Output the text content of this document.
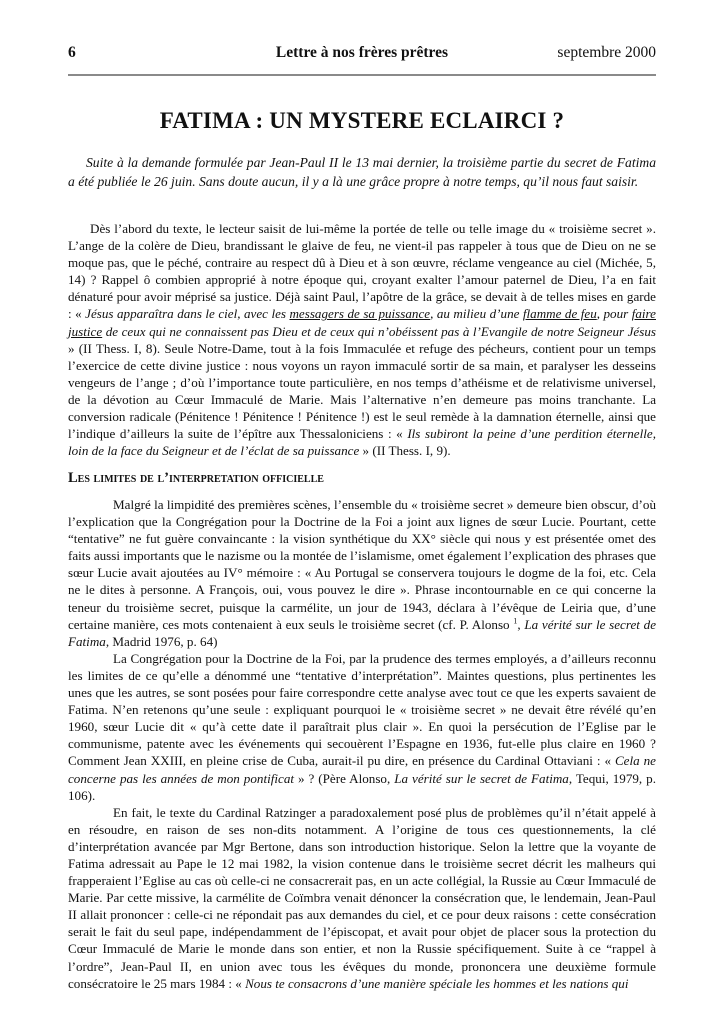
6	Lettre à nos frères prêtres	septembre 2000
FATIMA : UN MYSTERE ECLAIRCI ?
Suite à la demande formulée par Jean-Paul II le 13 mai dernier, la troisième partie du secret de Fatima a été publiée le 26 juin. Sans doute aucun, il y a là une grâce propre à notre temps, qu’il nous faut saisir.
Dès l’abord du texte, le lecteur saisit de lui-même la portée de telle ou telle image du « troisième secret ». L’ange de la colère de Dieu, brandissant le glaive de feu, ne vient-il pas rappeler à tous que de Dieu on ne se moque pas, que le péché, contraire au respect dû à Dieu et à son œuvre, réclame vengeance au ciel (Michée, 5, 14) ? Rappel ô combien approprié à notre époque qui, croyant exalter l’amour paternel de Dieu, l’a en fait dénaturé pour avoir méprisé sa justice. Déjà saint Paul, l’apôtre de la grâce, se devait à de telles mises en garde : « Jésus apparaîtra dans le ciel, avec les messagers de sa puissance, au milieu d’une flamme de feu, pour faire justice de ceux qui ne connaissent pas Dieu et de ceux qui n’obéissent pas à l’Evangile de notre Seigneur Jésus » (II Thess. I, 8). Seule Notre-Dame, tout à la fois Immaculée et refuge des pécheurs, contient pour un temps l’exercice de cette divine justice : nous voyons un rayon immaculé sortir de sa main, et paralyser les desseins vengeurs de l’ange ; d’où l’importance toute particulière, en nos temps d’athéisme et de relativisme universel, de la dévotion au Cœur Immaculé de Marie. Mais l’alternative n’en demeure pas moins tranchante. La conversion radicale (Pénitence ! Pénitence ! Pénitence !) est le seul remède à la damnation éternelle, ainsi que l’indique d’ailleurs la suite de l’épître aux Thessaloniciens : « Ils subiront la peine d’une perdition éternelle, loin de la face du Seigneur et de l’éclat de sa puissance » (II Thess. I, 9).
Les limites de l’interpretation officielle

Malgré la limpidité des premières scènes, l’ensemble du « troisième secret » demeure bien obscur, d’où l’explication que la Congrégation pour la Doctrine de la Foi a joint aux lignes de sœur Lucie. Pourtant, cette “tentative” ne fut guère convaincante : la vision synthétique du XX° siècle qui nous y est présentée omet des faits aussi importants que le nazisme ou la montée de l’islamisme, omet également l’explication des phrases que sœur Lucie avait ajoutées au IV° mémoire : « Au Portugal se conservera toujours le dogme de la foi, etc. Cela ne le dites à personne. A François, oui, vous pouvez le dire ». Phrase incontournable en ce qui concerne la teneur du troisième secret, puisque la carmélite, un jour de 1943, déclara à l’évêque de Leiria que, d’une certaine manière, ces mots contenaient à eux seuls le troisième secret (cf. P. Alonso $^1$, La vérité sur le secret de Fatima, Madrid 1976, p. 64)

La Congrégation pour la Doctrine de la Foi, par la prudence des termes employés, a d’ailleurs reconnu les limites de ce qu’elle a dénommé une “tentative d’interprétation”. Maintes questions, plus pertinentes les unes que les autres, se sont posées pour faire correspondre cette analyse avec tout ce que les experts savaient de Fatima. N’en retenons qu’une seule : expliquant pourquoi le « troisième secret » ne devait être révélé qu’en 1960, sœur Lucie dit « qu’à cette date il paraîtrait plus clair ». En quoi la persécution de l’Eglise par le communisme, patente avec les événements qui secouèrent l’Espagne en 1936, fut-elle plus claire en 1960 ? Comment Jean XXIII, en pleine crise de Cuba, aurait-il pu dire, en présence du Cardinal Ottaviani : « Cela ne concerne pas les années de mon pontificat » ? (Père Alonso, La vérité sur le secret de Fatima, Tequi, 1979, p. 106).

En fait, le texte du Cardinal Ratzinger a paradoxalement posé plus de problèmes qu’il n’était appelé à en résoudre, en raison de ses non-dits notamment. A l’origine de tous ces questionnements, la clé d’interprétation avancée par Mgr Bertone, dans son introduction historique. Selon la lettre que la voyante de Fatima adressait au Pape le 12 mai 1982, la vision contenue dans le troisième secret décrit les malheurs qui frapperaient l’Eglise au cas où celle-ci ne consacrerait pas, en un acte collégial, la Russie au Cœur Immaculé de Marie. Par cette missive, la carmélite de Coïmbra venait dénoncer la consécration que, le lendemain, Jean-Paul II allait prononcer : celle-ci ne répondait pas aux demandes du ciel, et ce pour deux raisons : cette consécration serait le fait du seul pape, indépendamment de l’épiscopat, et avait pour objet de placer sous la protection du Cœur Immaculé de Marie le monde dans son entier, et non la Russie spécifiquement. Suite à ce “rappel à l’ordre”, Jean-Paul II, en union avec tous les évêques du monde, prononcera une deuxième formule consécratoire le 25 mars 1984 : « Nous te consacrons d’une manière spéciale les hommes et les nations qui
